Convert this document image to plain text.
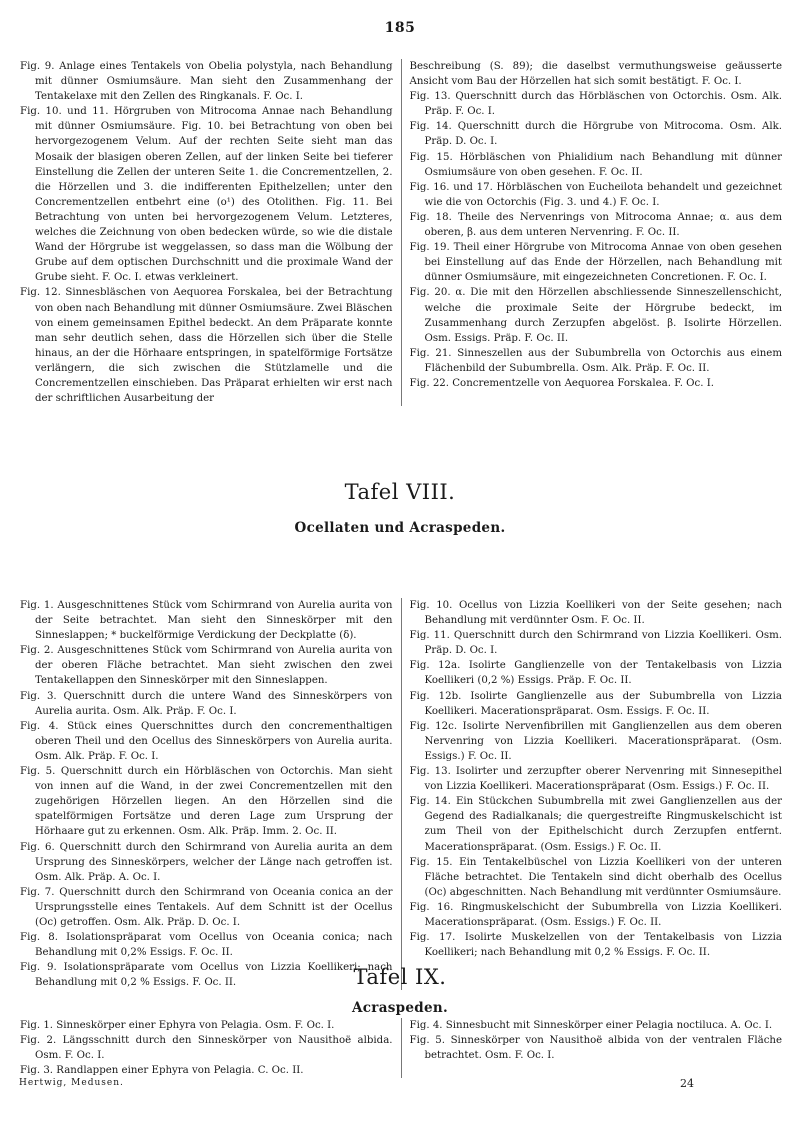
185

Fig. 9. Anlage eines Tentakels von Obelia polystyla, nach Behandlung mit dünner Osmiumsäure. Man sieht den Zusammenhang der Tentakelaxe mit den Zellen des Ringkanals. F. Oc. I.

Fig. 10. und 11. Hörgruben von Mitrocoma Annae nach Behandlung mit dünner Osmiumsäure. Fig. 10. bei Betrachtung von oben bei hervorgezogenem Velum. Auf der rechten Seite sieht man das Mosaik der blasigen oberen Zellen, auf der linken Seite bei tieferer Einstellung die Zellen der unteren Seite 1. die Concrementzellen, 2. die Hörzellen und 3. die indifferenten Epithelzellen; unter den Concrementzellen entbehrt eine (o¹) des Otolithen. Fig. 11. Bei Betrachtung von unten bei hervorgezogenem Velum. Letzteres, welches die Zeichnung von oben bedecken würde, so wie die distale Wand der Hörgrube ist weggelassen, so dass man die Wölbung der Grube auf dem optischen Durchschnitt und die proximale Wand der Grube sieht. F. Oc. I. etwas verkleinert.

Fig. 12. Sinnesbläschen von Aequorea Forskalea, bei der Betrachtung von oben nach Behandlung mit dünner Osmiumsäure. Zwei Bläschen von einem gemeinsamen Epithel bedeckt. An dem Präparate konnte man sehr deutlich sehen, dass die Hörzellen sich über die Stelle hinaus, an der die Hörhaare entspringen, in spatelförmige Fortsätze verlängern, die sich zwischen die Stützlamelle und die Concrementzellen einschieben. Das Präparat erhielten wir erst nach der schriftlichen Ausarbeitung der

Beschreibung (S. 89); die daselbst vermuthungsweise geäusserte Ansicht vom Bau der Hörzellen hat sich somit bestätigt. F. Oc. I.

Fig. 13. Querschnitt durch das Hörbläschen von Octorchis. Osm. Alk. Präp. F. Oc. I.

Fig. 14. Querschnitt durch die Hörgrube von Mitrocoma. Osm. Alk. Präp. D. Oc. I.

Fig. 15. Hörbläschen von Phialidium nach Behandlung mit dünner Osmiumsäure von oben gesehen. F. Oc. II.

Fig. 16. und 17. Hörbläschen von Eucheilota behandelt und gezeichnet wie die von Octorchis (Fig. 3. und 4.) F. Oc. I.

Fig. 18. Theile des Nervenrings von Mitrocoma Annae; α. aus dem oberen, β. aus dem unteren Nervenring. F. Oc. II.

Fig. 19. Theil einer Hörgrube von Mitrocoma Annae von oben gesehen bei Einstellung auf das Ende der Hörzellen, nach Behandlung mit dünner Osmiumsäure, mit eingezeichneten Concretionen. F. Oc. I.

Fig. 20. α. Die mit den Hörzellen abschliessende Sinneszellenschicht, welche die proximale Seite der Hörgrube bedeckt, im Zusammenhang durch Zerzupfen abgelöst. β. Isolirte Hörzellen. Osm. Essigs. Präp. F. Oc. II.

Fig. 21. Sinneszellen aus der Subumbrella von Octorchis aus einem Flächenbild der Subumbrella. Osm. Alk. Präp. F. Oc. II.

Fig. 22. Concrementzelle von Aequorea Forskalea. F. Oc. I.

Tafel VIII.
Ocellaten und Acraspeden.

Fig. 1. Ausgeschnittenes Stück vom Schirmrand von Aurelia aurita von der Seite betrachtet. Man sieht den Sinneskörper mit den Sinneslappen; * buckelförmige Verdickung der Deckplatte (δ).

Fig. 2. Ausgeschnittenes Stück vom Schirmrand von Aurelia aurita von der oberen Fläche betrachtet. Man sieht zwischen den zwei Tentakellappen den Sinneskörper mit den Sinneslappen.

Fig. 3. Querschnitt durch die untere Wand des Sinneskörpers von Aurelia aurita. Osm. Alk. Präp. F. Oc. I.

Fig. 4. Stück eines Querschnittes durch den concrementhaltigen oberen Theil und den Ocellus des Sinneskörpers von Aurelia aurita. Osm. Alk. Präp. F. Oc. I.

Fig. 5. Querschnitt durch ein Hörbläschen von Octorchis. Man sieht von innen auf die Wand, in der zwei Concrementzellen mit den zugehörigen Hörzellen liegen. An den Hörzellen sind die spatelförmigen Fortsätze und deren Lage zum Ursprung der Hörhaare gut zu erkennen. Osm. Alk. Präp. Imm. 2. Oc. II.

Fig. 6. Querschnitt durch den Schirmrand von Aurelia aurita an dem Ursprung des Sinneskörpers, welcher der Länge nach getroffen ist. Osm. Alk. Präp. A. Oc. I.

Fig. 7. Querschnitt durch den Schirmrand von Oceania conica an der Ursprungsstelle eines Tentakels. Auf dem Schnitt ist der Ocellus (Oc) getroffen. Osm. Alk. Präp. D. Oc. I.

Fig. 8. Isolationspräparat vom Ocellus von Oceania conica; nach Behandlung mit 0,2% Essigs. F. Oc. II.

Fig. 9. Isolationspräparate vom Ocellus von Lizzia Koellikeri; nach Behandlung mit 0,2 % Essigs. F. Oc. II.

Fig. 10. Ocellus von Lizzia Koellikeri von der Seite gesehen; nach Behandlung mit verdünnter Osm. F. Oc. II.

Fig. 11. Querschnitt durch den Schirmrand von Lizzia Koellikeri. Osm. Präp. D. Oc. I.

Fig. 12a. Isolirte Ganglienzelle von der Tentakelbasis von Lizzia Koellikeri (0,2 %) Essigs. Präp. F. Oc. II.

Fig. 12b. Isolirte Ganglienzelle aus der Subumbrella von Lizzia Koellikeri. Macerationspräparat. Osm. Essigs. F. Oc. II.

Fig. 12c. Isolirte Nervenfibrillen mit Ganglienzellen aus dem oberen Nervenring von Lizzia Koellikeri. Macerationspräparat. (Osm. Essigs.) F. Oc. II.

Fig. 13. Isolirter und zerzupfter oberer Nervenring mit Sinnesepithel von Lizzia Koellikeri. Macerationspräparat (Osm. Essigs.) F. Oc. II.

Fig. 14. Ein Stückchen Subumbrella mit zwei Ganglienzellen aus der Gegend des Radialkanals; die quergestreifte Ringmuskelschicht ist zum Theil von der Epithelschicht durch Zerzupfen entfernt. Macerationspräparat. (Osm. Essigs.) F. Oc. II.

Fig. 15. Ein Tentakelbüschel von Lizzia Koellikeri von der unteren Fläche betrachtet. Die Tentakeln sind dicht oberhalb des Ocellus (Oc) abgeschnitten. Nach Behandlung mit verdünnter Osmiumsäure.

Fig. 16. Ringmuskelschicht der Subumbrella von Lizzia Koellikeri. Macerationspräparat. (Osm. Essigs.) F. Oc. II.

Fig. 17. Isolirte Muskelzellen von der Tentakelbasis von Lizzia Koellikeri; nach Behandlung mit 0,2 % Essigs. F. Oc. II.

Tafel IX.
Acraspeden.

Fig. 1. Sinneskörper einer Ephyra von Pelagia. Osm. F. Oc. I.

Fig. 2. Längsschnitt durch den Sinneskörper von Nausithoë albida. Osm. F. Oc. I.

Fig. 3. Randlappen einer Ephyra von Pelagia. C. Oc. II.

Fig. 4. Sinnesbucht mit Sinneskörper einer Pelagia noctiluca. A. Oc. I.

Fig. 5. Sinneskörper von Nausithoë albida von der ventralen Fläche betrachtet. Osm. F. Oc. I.

Hertwig, Medusen.	24
